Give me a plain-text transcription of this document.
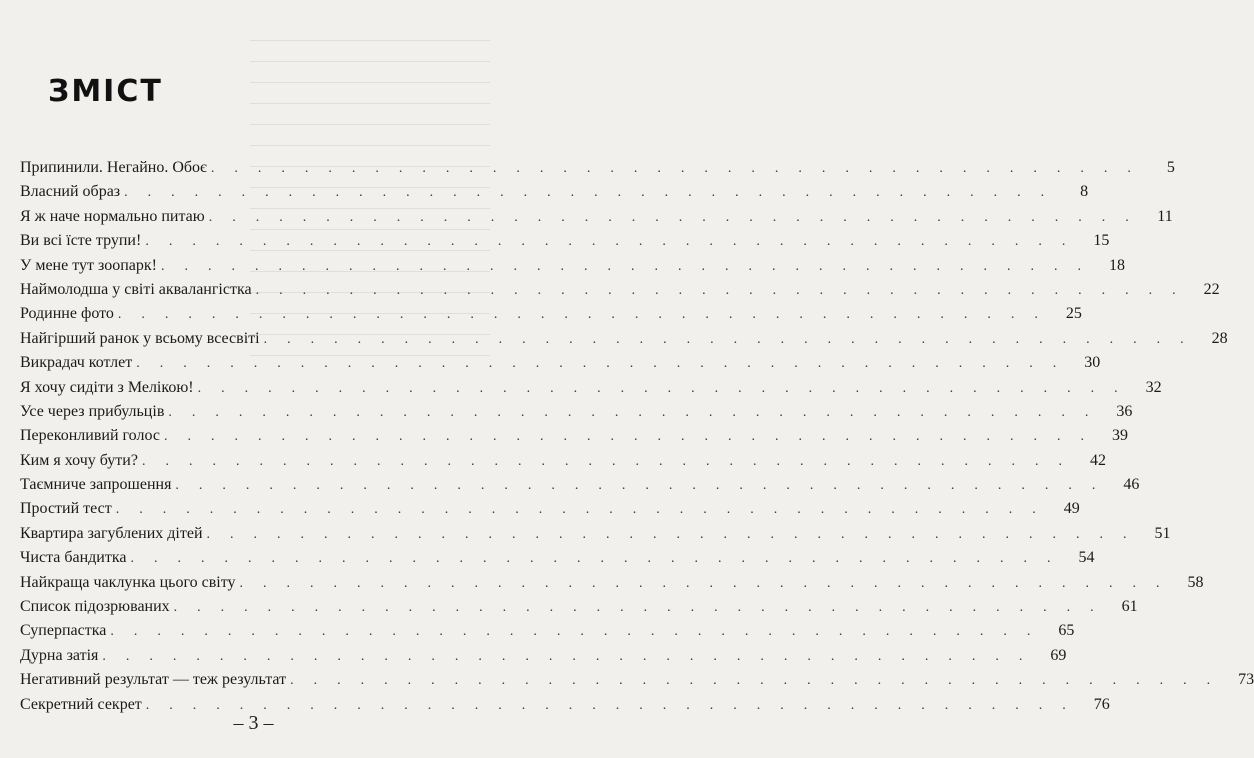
ЗМІСТ
Припинили. Негайно. Обоє ........................................	5
Власний образ ........................................	8
Я ж наче нормально питаю ........................................ 11
Ви всі їсте трупи! ........................................ 15
У мене тут зоопарк! ........................................ 18
Наймолодша у світі аквалангістка ........................................ 22
Родинне фото ........................................ 25
Найгірший ранок у всьому всесвіті ........................................ 28
Викрадач котлет ........................................ 30
Я хочу сидіти з Мелікою! ........................................ 32
Усе через прибульців ........................................ 36
Переконливий голос ........................................ 39
Ким я хочу бути? ........................................ 42
Таємниче запрошення ........................................ 46
Простий тест ........................................ 49
Квартира загублених дітей ........................................ 51
Чиста бандитка ........................................ 54
Найкраща чаклунка цього світу ........................................ 58
Список підозрюваних ........................................ 61
Суперпастка ........................................ 65
Дурна затія ........................................ 69
Негативний результат — теж результат ........................................ 73
Секретний секрет ........................................ 76
– 3 –
